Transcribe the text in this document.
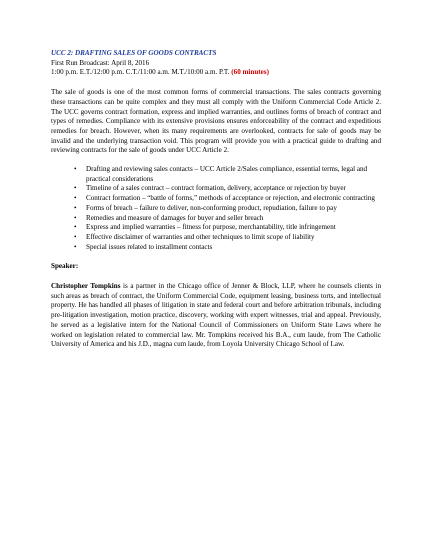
UCC 2: DRAFTING SALES OF GOODS CONTRACTS

First Run Broadcast: April 8, 2016

1:00 p.m. E.T./12:00 p.m. C.T./11:00 a.m. M.T./10:00 a.m. P.T. (60 minutes)

The sale of goods is one of the most common forms of commercial transactions. The sales contracts governing these transactions can be quite complex and they must all comply with the Uniform Commercial Code Article 2. The UCC governs contract formation, express and implied warranties, and outlines forms of breach of contract and types of remedies. Compliance with its extensive provisions ensures enforceability of the contract and expeditious remedies for breach. However, when its many requirements are overlooked, contracts for sale of goods may be invalid and the underlying transaction void. This program will provide you with a practical guide to drafting and reviewing contracts for the sale of goods under UCC Article 2.

• Drafting and reviewing sales contacts – UCC Article 2/Sales compliance, essential terms, legal and practical considerations
• Timeline of a sales contract – contract formation, delivery, acceptance or rejection by buyer
• Contract formation – “battle of forms,” methods of acceptance or rejection, and electronic contracting
• Forms of breach – failure to deliver, non-conforming product, repudiation, failure to pay
• Remedies and measure of damages for buyer and seller breach
• Express and implied warranties – fitness for purpose, merchantability, title infringement
• Effective disclaimer of warranties and other techniques to limit scope of liability
• Special issues related to installment contacts

Speaker:

Christopher Tompkins is a partner in the Chicago office of Jenner & Block, LLP, where he counsels clients in such areas as breach of contract, the Uniform Commercial Code, equipment leasing, business torts, and intellectual property. He has handled all phases of litigation in state and federal court and before arbitration tribunals, including pre-litigation investigation, motion practice, discovery, working with expert witnesses, trial and appeal. Previously, he served as a legislative intern for the National Council of Commissioners on Uniform State Laws where he worked on legislation related to commercial law. Mr. Tompkins received his B.A., cum laude, from The Catholic University of America and his J.D., magna cum laude, from Loyola University Chicago School of Law.
